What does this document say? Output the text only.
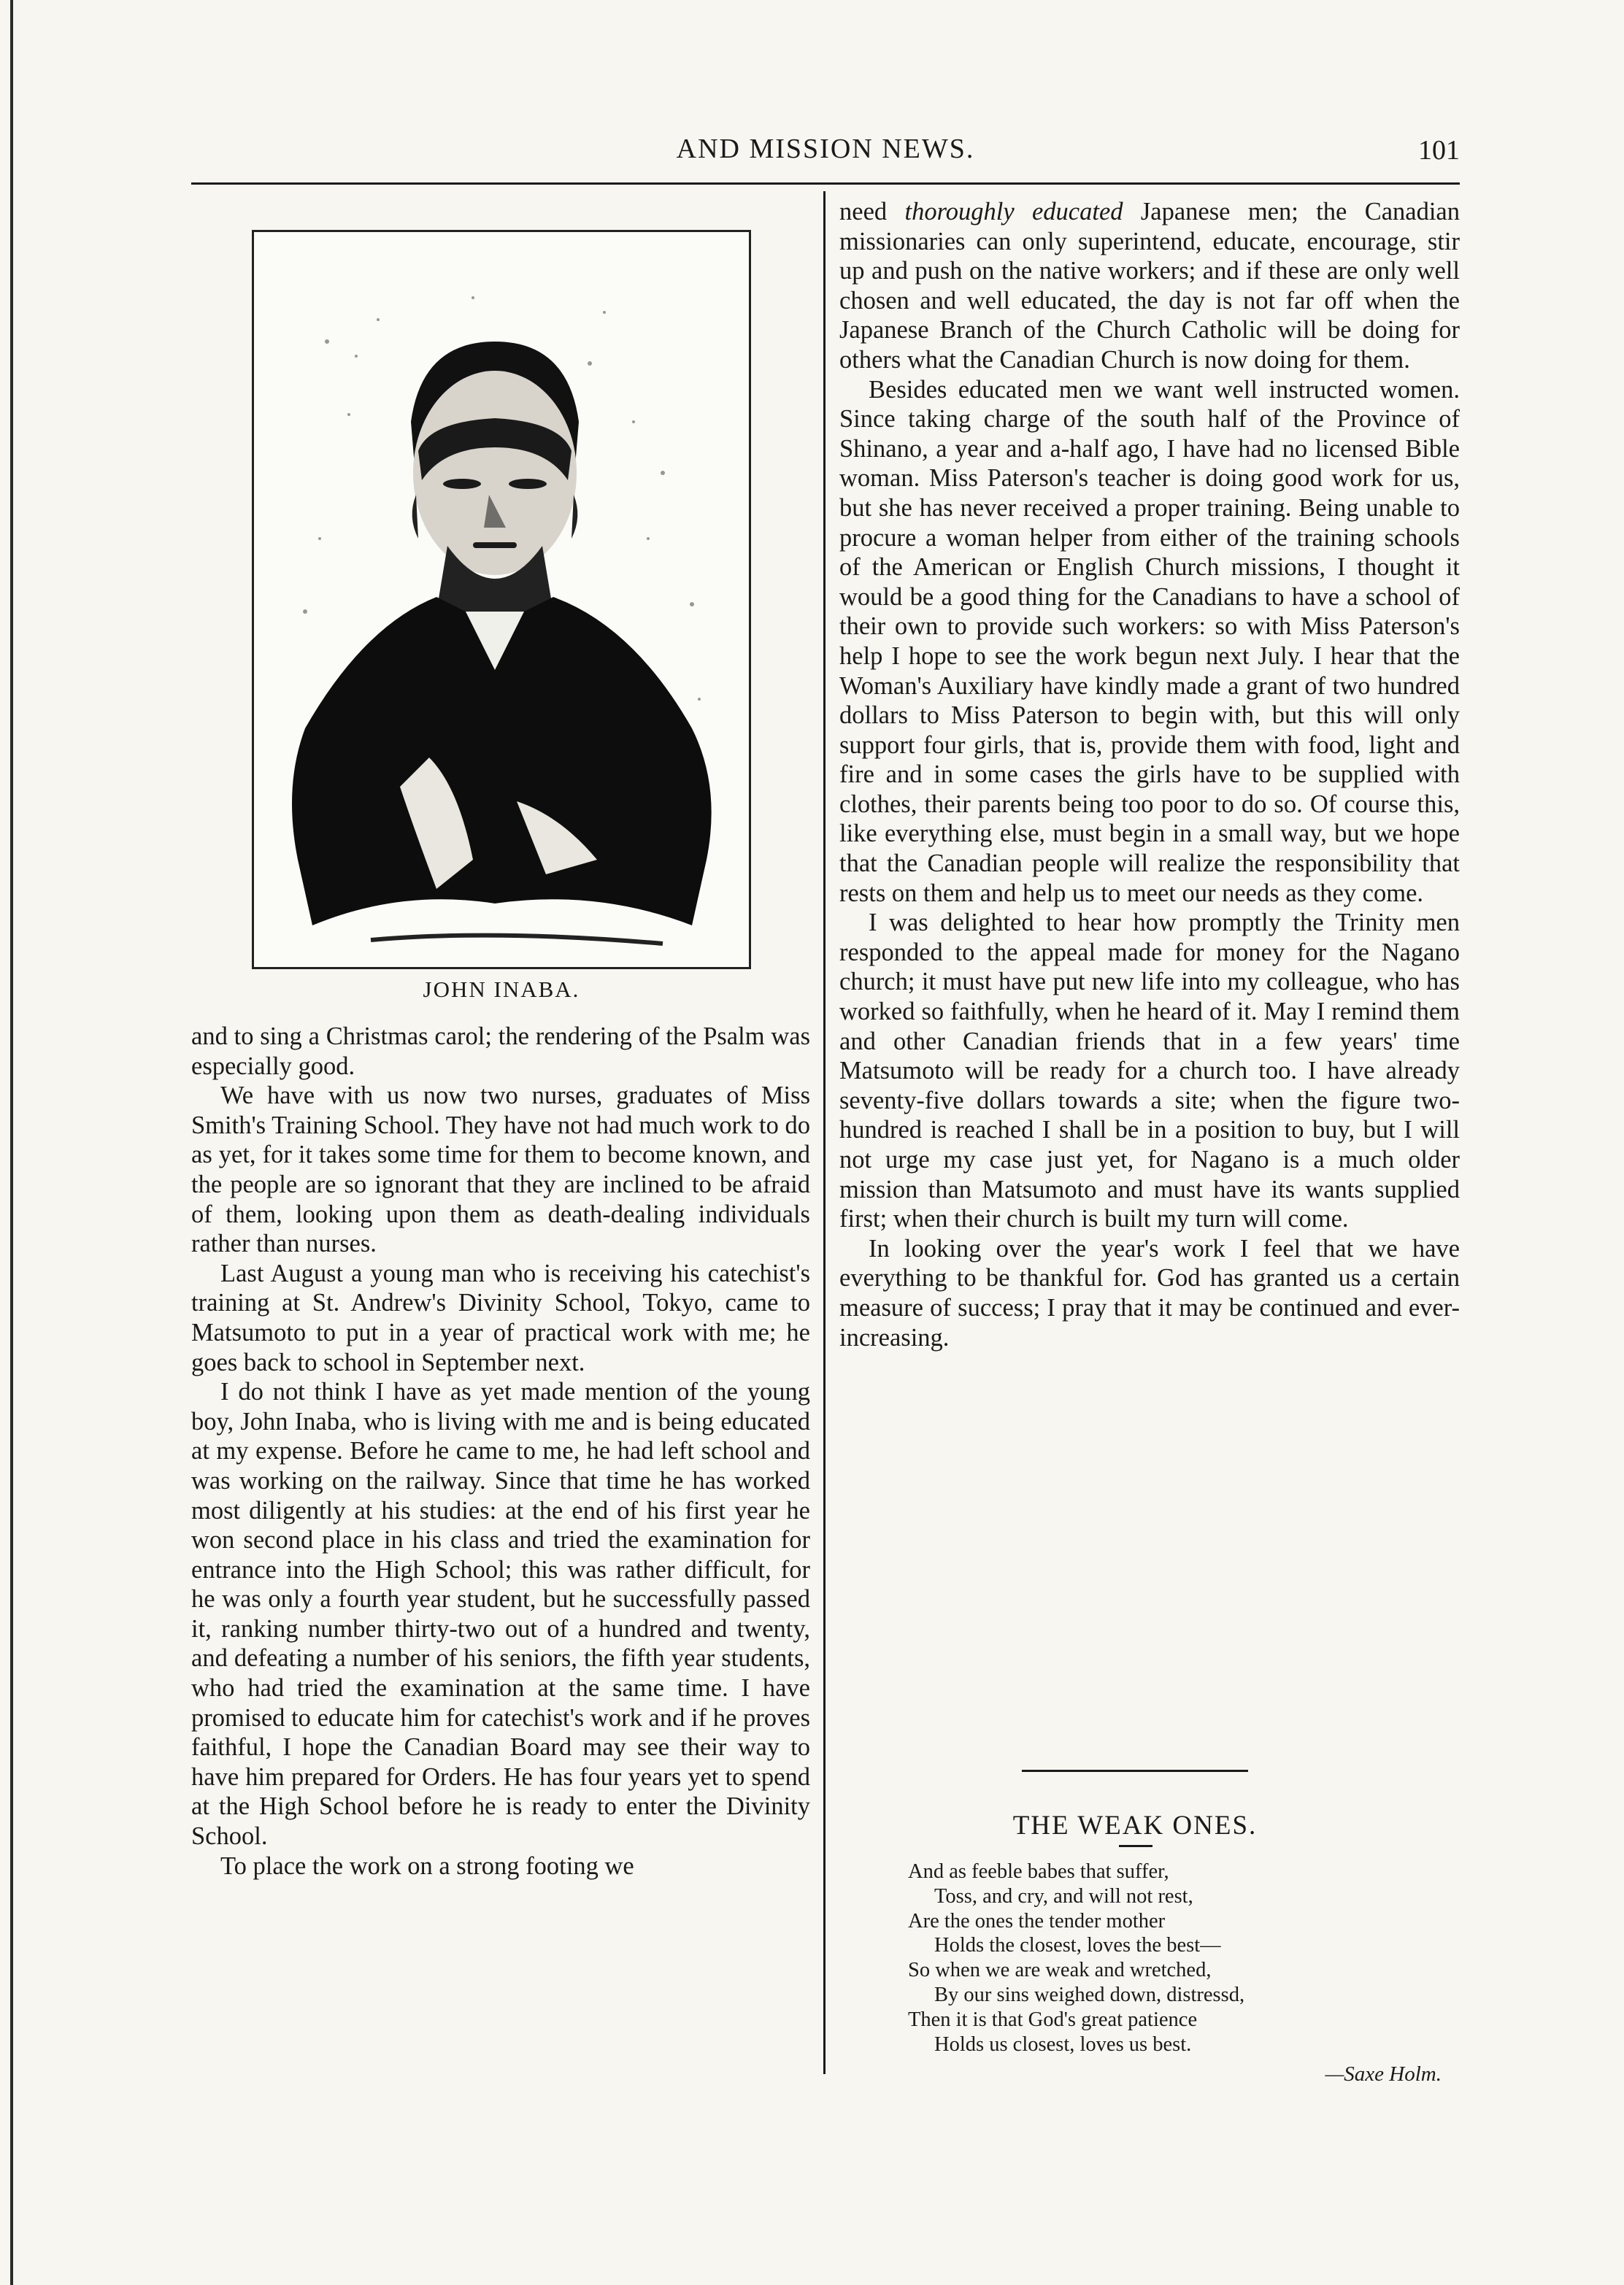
AND MISSION NEWS.	101
JOHN INABA.

and to sing a Christmas carol; the rendering of the Psalm was especially good.

We have with us now two nurses, graduates of Miss Smith's Training School. They have not had much work to do as yet, for it takes some time for them to become known, and the people are so ignorant that they are inclined to be afraid of them, looking upon them as death-dealing individuals rather than nurses.

Last August a young man who is receiving his catechist's training at St. Andrew's Divinity School, Tokyo, came to Matsumoto to put in a year of practical work with me; he goes back to school in September next.

I do not think I have as yet made mention of the young boy, John Inaba, who is living with me and is being educated at my expense. Before he came to me, he had left school and was working on the railway. Since that time he has worked most diligently at his studies: at the end of his first year he won second place in his class and tried the examination for entrance into the High School; this was rather difficult, for he was only a fourth year student, but he successfully passed it, ranking number thirty-two out of a hundred and twenty, and defeating a number of his seniors, the fifth year students, who had tried the examination at the same time. I have promised to educate him for catechist's work and if he proves faithful, I hope the Canadian Board may see their way to have him prepared for Orders. He has four years yet to spend at the High School before he is ready to enter the Divinity School.

To place the work on a strong footing we

need thoroughly educated Japanese men; the Canadian missionaries can only superintend, educate, encourage, stir up and push on the native workers; and if these are only well chosen and well educated, the day is not far off when the Japanese Branch of the Church Catholic will be doing for others what the Canadian Church is now doing for them.

Besides educated men we want well instructed women. Since taking charge of the south half of the Province of Shinano, a year and a-half ago, I have had no licensed Bible woman. Miss Paterson's teacher is doing good work for us, but she has never received a proper training. Being unable to procure a woman helper from either of the training schools of the American or English Church missions, I thought it would be a good thing for the Canadians to have a school of their own to provide such workers: so with Miss Paterson's help I hope to see the work begun next July. I hear that the Woman's Auxiliary have kindly made a grant of two hundred dollars to Miss Paterson to begin with, but this will only support four girls, that is, provide them with food, light and fire and in some cases the girls have to be supplied with clothes, their parents being too poor to do so. Of course this, like everything else, must begin in a small way, but we hope that the Canadian people will realize the responsibility that rests on them and help us to meet our needs as they come.

I was delighted to hear how promptly the Trinity men responded to the appeal made for money for the Nagano church; it must have put new life into my colleague, who has worked so faithfully, when he heard of it. May I remind them and other Canadian friends that in a few years' time Matsumoto will be ready for a church too. I have already seventy-five dollars towards a site; when the figure two-hundred is reached I shall be in a position to buy, but I will not urge my case just yet, for Nagano is a much older mission than Matsumoto and must have its wants supplied first; when their church is built my turn will come.

In looking over the year's work I feel that we have everything to be thankful for. God has granted us a certain measure of success; I pray that it may be continued and ever-increasing.

THE WEAK ONES.
And as feeble babes that suffer,
Toss, and cry, and will not rest,
Are the ones the tender mother
Holds the closest, loves the best—
So when we are weak and wretched,
By our sins weighed down, distressd,
Then it is that God's great patience
Holds us closest, loves us best.
—Saxe Holm.
